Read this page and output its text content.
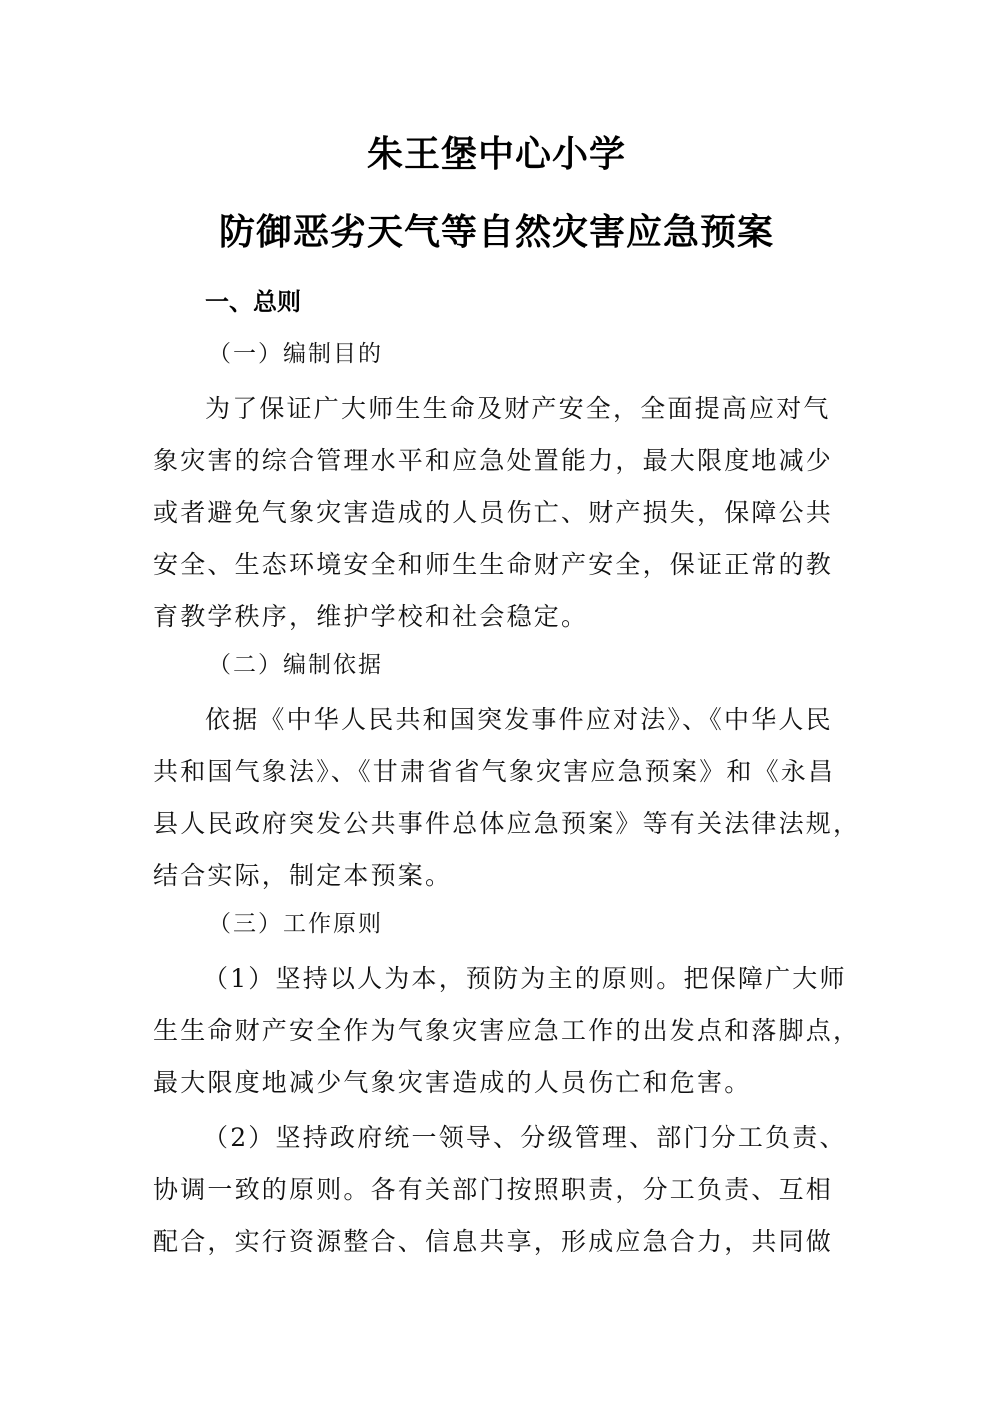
朱王堡中心小学
防御恶劣天气等自然灾害应急预案
一、总则
（一）编制目的
为了保证广大师生生命及财产安全，全面提高应对气
象灾害的综合管理水平和应急处置能力，最大限度地减少
或者避免气象灾害造成的人员伤亡、财产损失，保障公共
安全、生态环境安全和师生生命财产安全，保证正常的教
育教学秩序，维护学校和社会稳定。
（二）编制依据
依据《中华人民共和国突发事件应对法》、《中华人民
共和国气象法》、《甘肃省省气象灾害应急预案》和《永昌
县人民政府突发公共事件总体应急预案》等有关法律法规，
结合实际，制定本预案。
（三）工作原则
（1）坚持以人为本，预防为主的原则。把保障广大师
生生命财产安全作为气象灾害应急工作的出发点和落脚点，
最大限度地减少气象灾害造成的人员伤亡和危害。
（2）坚持政府统一领导、分级管理、部门分工负责、
协调一致的原则。各有关部门按照职责，分工负责、互相
配合，实行资源整合、信息共享，形成应急合力，共同做
